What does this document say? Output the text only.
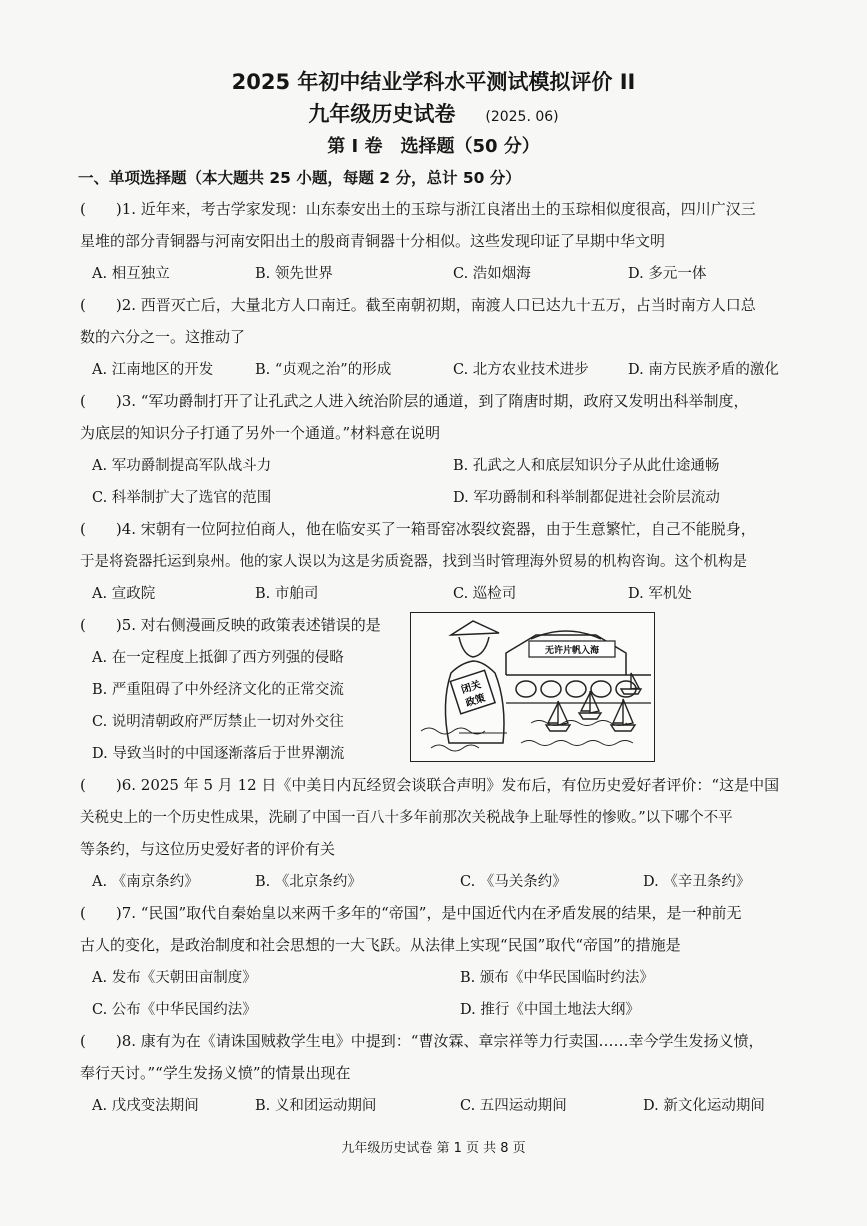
2025 年初中结业学科水平测试模拟评价 II
九年级历史试卷 (2025. 06)
第 I 卷　选择题（50 分）
一、单项选择题（本大题共 25 小题，每题 2 分，总计 50 分）
(　　)1. 近年来，考古学家发现：山东泰安出土的玉琮与浙江良渚出土的玉琮相似度很高，四川广汉三
星堆的部分青铜器与河南安阳出土的殷商青铜器十分相似。这些发现印证了早期中华文明
A. 相互独立	B. 领先世界	C. 浩如烟海	D. 多元一体
(　　)2. 西晋灭亡后，大量北方人口南迁。截至南朝初期，南渡人口已达九十五万，占当时南方人口总
数的六分之一。这推动了
A. 江南地区的开发	B. “贞观之治”的形成	C. 北方农业技术进步	D. 南方民族矛盾的激化
(　　)3. “军功爵制打开了让孔武之人进入统治阶层的通道，到了隋唐时期，政府又发明出科举制度，
为底层的知识分子打通了另外一个通道。”材料意在说明
A. 军功爵制提高军队战斗力	B. 孔武之人和底层知识分子从此仕途通畅
C. 科举制扩大了选官的范围	D. 军功爵制和科举制都促进社会阶层流动
(　　)4. 宋朝有一位阿拉伯商人，他在临安买了一箱哥窑冰裂纹瓷器，由于生意繁忙，自己不能脱身，
于是将瓷器托运到泉州。他的家人误以为这是劣质瓷器，找到当时管理海外贸易的机构咨询。这个机构是
A. 宣政院	B. 市舶司	C. 巡检司	D. 军机处
(　　)5. 对右侧漫画反映的政策表述错误的是
A. 在一定程度上抵御了西方列强的侵略
B. 严重阻碍了中外经济文化的正常交流
C. 说明清朝政府严厉禁止一切对外交往
D. 导致当时的中国逐渐落后于世界潮流
无许片帆入海
闭关
政策
(　　)6. 2025 年 5 月 12 日《中美日内瓦经贸会谈联合声明》发布后，有位历史爱好者评价：“这是中国
关税史上的一个历史性成果，洗刷了中国一百八十多年前那次关税战争上耻辱性的惨败。”以下哪个不平
等条约，与这位历史爱好者的评价有关
A. 《南京条约》	B. 《北京条约》	C. 《马关条约》	D. 《辛丑条约》
(　　)7. “民国”取代自秦始皇以来两千多年的“帝国”，是中国近代内在矛盾发展的结果，是一种前无
古人的变化，是政治制度和社会思想的一大飞跃。从法律上实现“民国”取代“帝国”的措施是
A. 发布《天朝田亩制度》	B. 颁布《中华民国临时约法》
C. 公布《中华民国约法》	D. 推行《中国土地法大纲》
(　　)8. 康有为在《请诛国贼救学生电》中提到：“曹汝霖、章宗祥等力行卖国……幸今学生发扬义愤，
奉行天讨。”“学生发扬义愤”的情景出现在
A. 戊戌变法期间	B. 义和团运动期间	C. 五四运动期间	D. 新文化运动期间
九年级历史试卷 第 1 页 共 8 页
